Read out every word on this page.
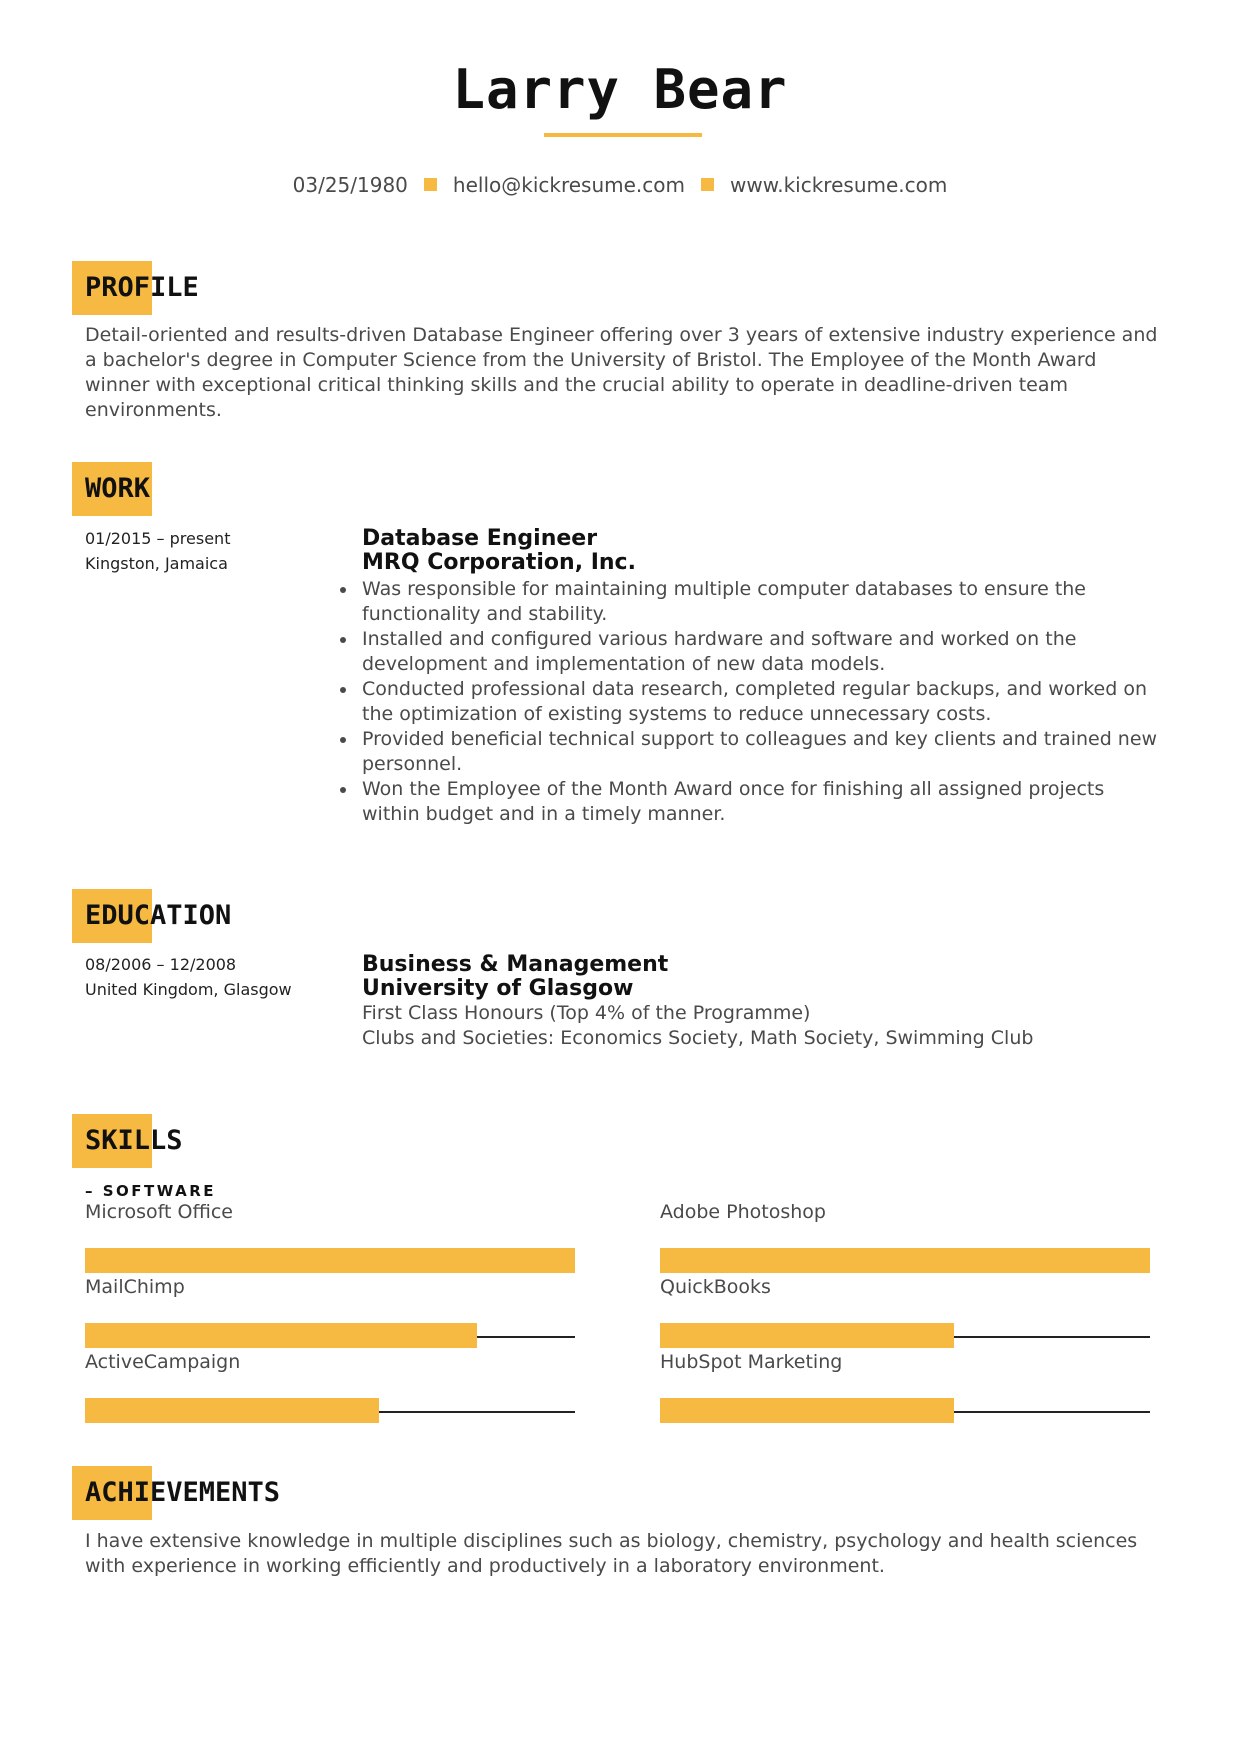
Larry Bear
03/25/1980 hello@kickresume.com www.kickresume.com
PROFILE

Detail-oriented and results-driven Database Engineer offering over 3 years of extensive industry experience and a bachelor's degree in Computer Science from the University of Bristol. The Employee of the Month Award winner with exceptional critical thinking skills and the crucial ability to operate in deadline-driven team environments.

WORK
01/2015 – present
Kingston, Jamaica
Database Engineer
MRQ Corporation, Inc.
Was responsible for maintaining multiple computer databases to ensure the functionality and stability.
Installed and configured various hardware and software and worked on the development and implementation of new data models.
Conducted professional data research, completed regular backups, and worked on the optimization of existing systems to reduce unnecessary costs.
Provided beneficial technical support to colleagues and key clients and trained new personnel.
Won the Employee of the Month Award once for finishing all assigned projects within budget and in a timely manner.
EDUCATION
08/2006 – 12/2008
United Kingdom, Glasgow
Business & Management
University of Glasgow
First Class Honours (Top 4% of the Programme)
Clubs and Societies: Economics Society, Math Society, Swimming Club
SKILLS
– SOFTWARE
Microsoft Office	Adobe Photoshop
MailChimp	QuickBooks
ActiveCampaign	HubSpot Marketing
ACHIEVEMENTS

I have extensive knowledge in multiple disciplines such as biology, chemistry, psychology and health sciences with experience in working efficiently and productively in a laboratory environment.
